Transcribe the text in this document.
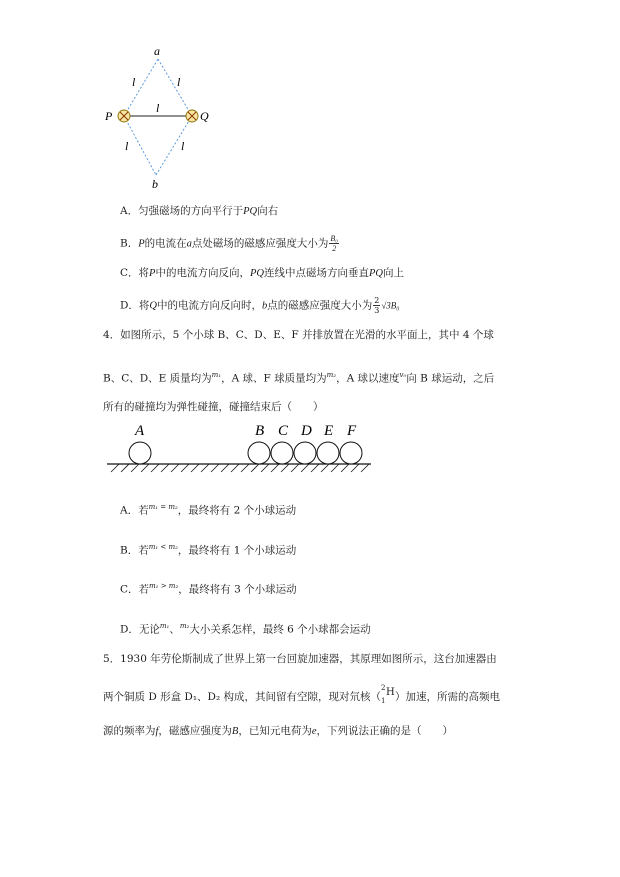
a
b
P	Q
l	l
l
l	l
A．匀强磁场的方向平行于PQ向右
B．P的电流在a点处磁场的磁感应强度大小为 $\frac{\text{B₀}}{2}$
C．将P中的电流方向反向，PQ连线中点磁场方向垂直PQ向上
D．将Q中的电流方向反向时，b点的磁感应强度大小为 $\frac{2}{3} √3B_0$
4．如图所示，5 个小球 B、C、D、E、F 并排放置在光滑的水平面上，其中 4 个球
B、C、D、E 质量均为$^{m_1}$，A 球、F 球质量均为$^{m_2}$，A 球以速度$^{v_0}$向 B 球运动，之后
所有的碰撞均为弹性碰撞，碰撞结束后（　　）
A	B C D E F
A．若$^{m_1 = m_2}$，最终将有 2 个小球运动
B．若$^{m_1 < m_2}$，最终将有 1 个小球运动
C．若$^{m_1 > m_2}$，最终将有 3 个小球运动
D．无论$^{m_1}$、$^{m_2}$大小关系怎样，最终 6 个小球都会运动
5．1930 年劳伦斯制成了世界上第一台回旋加速器，其原理如图所示，这台加速器由
两个铜质 D 形盒 D₁、D₂ 构成，其间留有空隙，现对氘核（
2
1
H ）加速，所需的高频电
源的频率为f，磁感应强度为B，已知元电荷为e，下列说法正确的是（　　）
